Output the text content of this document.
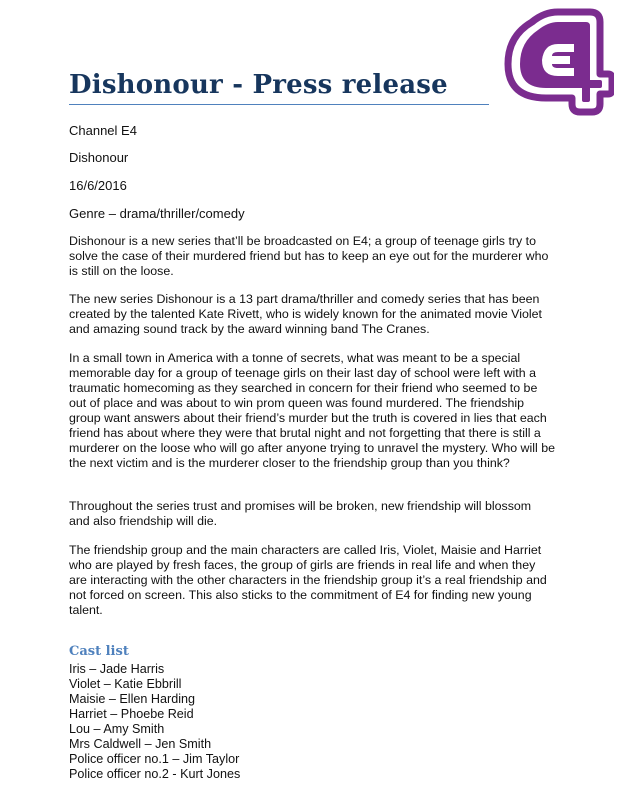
Dishonour - Press release

Channel E4

Dishonour

16/6/2016

Genre – drama/thriller/comedy

Dishonour is a new series that’ll be broadcasted on E4; a group of teenage girls try to solve the case of their murdered friend but has to keep an eye out for the murderer who is still on the loose.

The new series Dishonour is a 13 part drama/thriller and comedy series that has been created by the talented Kate Rivett, who is widely known for the animated movie Violet and amazing sound track by the award winning band The Cranes.

In a small town in America with a tonne of secrets, what was meant to be a special memorable day for a group of teenage girls on their last day of school were left with a traumatic homecoming as they searched in concern for their friend who seemed to be out of place and was about to win prom queen was found murdered. The friendship group want answers about their friend’s murder but the truth is covered in lies that each friend has about where they were that brutal night and not forgetting that there is still a murderer on the loose who will go after anyone trying to unravel the mystery. Who will be the next victim and is the murderer closer to the friendship group than you think?

Throughout the series trust and promises will be broken, new friendship will blossom and also friendship will die.

The friendship group and the main characters are called Iris, Violet, Maisie and Harriet who are played by fresh faces, the group of girls are friends in real life and when they are interacting with the other characters in the friendship group it’s a real friendship and not forced on screen. This also sticks to the commitment of E4 for finding new young talent.

Cast list
Iris – Jade Harris
Violet – Katie Ebbrill
Maisie – Ellen Harding
Harriet – Phoebe Reid
Lou – Amy Smith
Mrs Caldwell – Jen Smith
Police officer no.1 – Jim Taylor
Police officer no.2 - Kurt Jones
